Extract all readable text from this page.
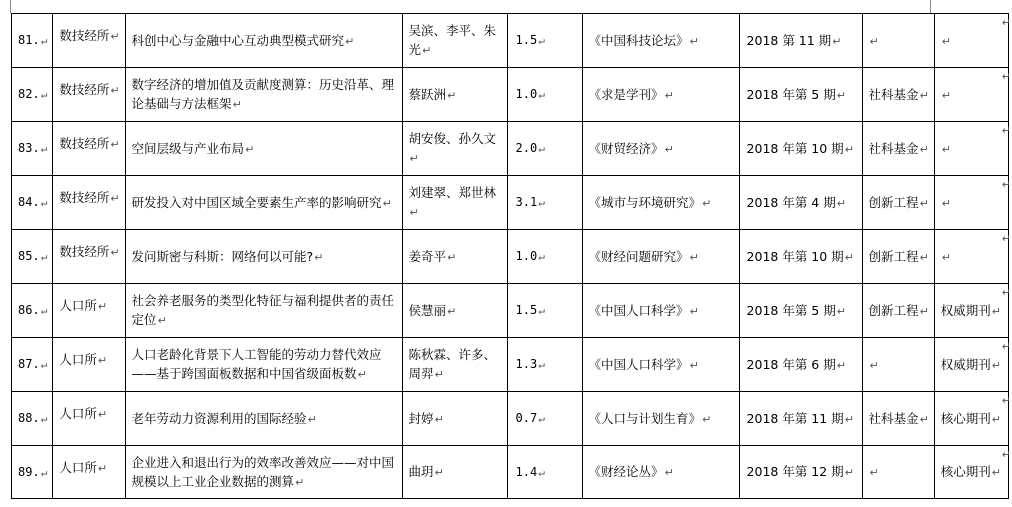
81.↵	数技经所↵	科创中心与金融中心互动典型模式研究↵	吴滨、李平、朱光↵	1.5↵	《中国科技论坛》↵	2018 第 11 期↵	↵	↵
82.↵	数技经所↵	数字经济的增加值及贡献度测算：历史沿革、理论基础与方法框架↵	蔡跃洲↵	1.0↵	《求是学刊》↵	2018 年第 5 期↵	社科基金↵	↵
83.↵	数技经所↵	空间层级与产业布局↵	胡安俊、孙久文↵	2.0↵	《财贸经济》↵	2018 年第 10 期↵	社科基金↵	↵
84.↵	数技经所↵	研发投入对中国区域全要素生产率的影响研究↵	刘建翠、郑世林↵	3.1↵	《城市与环境研究》↵	2018 年第 4 期↵	创新工程↵	↵
85.↵	数技经所↵	发问斯密与科斯：网络何以可能?↵	姜奇平↵	1.0↵	《财经问题研究》↵	2018 年第 10 期↵	创新工程↵	↵
86.↵	人口所↵	社会养老服务的类型化特征与福利提供者的责任定位↵	侯慧丽↵	1.5↵	《中国人口科学》↵	2018 年第 5 期↵	创新工程↵	权威期刊↵
87.↵	人口所↵	人口老龄化背景下人工智能的劳动力替代效应——基于跨国面板数据和中国省级面板数↵	陈秋霖、许多、周羿↵	1.3↵	《中国人口科学》↵	2018 年第 6 期↵	↵	权威期刊↵
88.↵	人口所↵	老年劳动力资源利用的国际经验↵	封婷↵	0.7↵	《人口与计划生育》↵	2018 年第 11 期↵	社科基金↵	核心期刊↵
89.↵	人口所↵	企业进入和退出行为的效率改善效应——对中国规模以上工业企业数据的测算↵	曲玥↵	1.4↵	《财经论丛》↵	2018 年第 12 期↵	↵	核心期刊↵
↵
↵
↵
↵
↵
↵
↵
↵
↵
